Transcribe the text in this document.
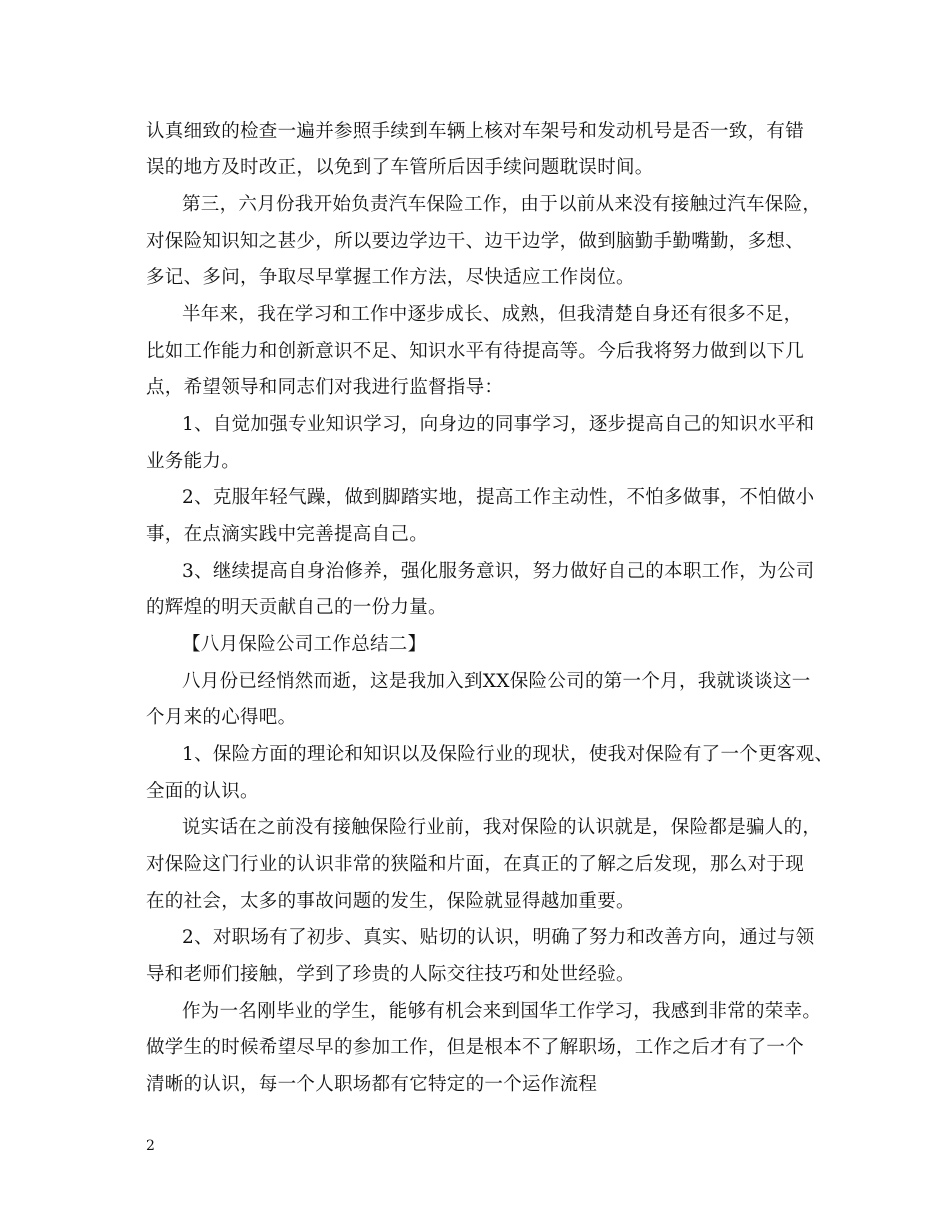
认真细致的检查一遍并参照手续到车辆上核对车架号和发动机号是否一致，有错
误的地方及时改正，以免到了车管所后因手续问题耽误时间。
第三，六月份我开始负责汽车保险工作，由于以前从来没有接触过汽车保险，
对保险知识知之甚少，所以要边学边干、边干边学，做到脑勤手勤嘴勤，多想、
多记、多问，争取尽早掌握工作方法，尽快适应工作岗位。
半年来，我在学习和工作中逐步成长、成熟，但我清楚自身还有很多不足，
比如工作能力和创新意识不足、知识水平有待提高等。今后我将努力做到以下几
点，希望领导和同志们对我进行监督指导：
1、自觉加强专业知识学习，向身边的同事学习，逐步提高自己的知识水平和
业务能力。
2、克服年轻气躁，做到脚踏实地，提高工作主动性，不怕多做事，不怕做小
事，在点滴实践中完善提高自己。
3、继续提高自身治修养，强化服务意识，努力做好自己的本职工作，为公司
的辉煌的明天贡献自己的一份力量。
【八月保险公司工作总结二】
八月份已经悄然而逝，这是我加入到XX保险公司的第一个月，我就谈谈这一
个月来的心得吧。
1、保险方面的理论和知识以及保险行业的现状，使我对保险有了一个更客观、
全面的认识。
说实话在之前没有接触保险行业前，我对保险的认识就是，保险都是骗人的，
对保险这门行业的认识非常的狭隘和片面，在真正的了解之后发现，那么对于现
在的社会，太多的事故问题的发生，保险就显得越加重要。
2、对职场有了初步、真实、贴切的认识，明确了努力和改善方向，通过与领
导和老师们接触，学到了珍贵的人际交往技巧和处世经验。
作为一名刚毕业的学生，能够有机会来到国华工作学习，我感到非常的荣幸。
做学生的时候希望尽早的参加工作，但是根本不了解职场，工作之后才有了一个
清晰的认识，每一个人职场都有它特定的一个运作流程
2
